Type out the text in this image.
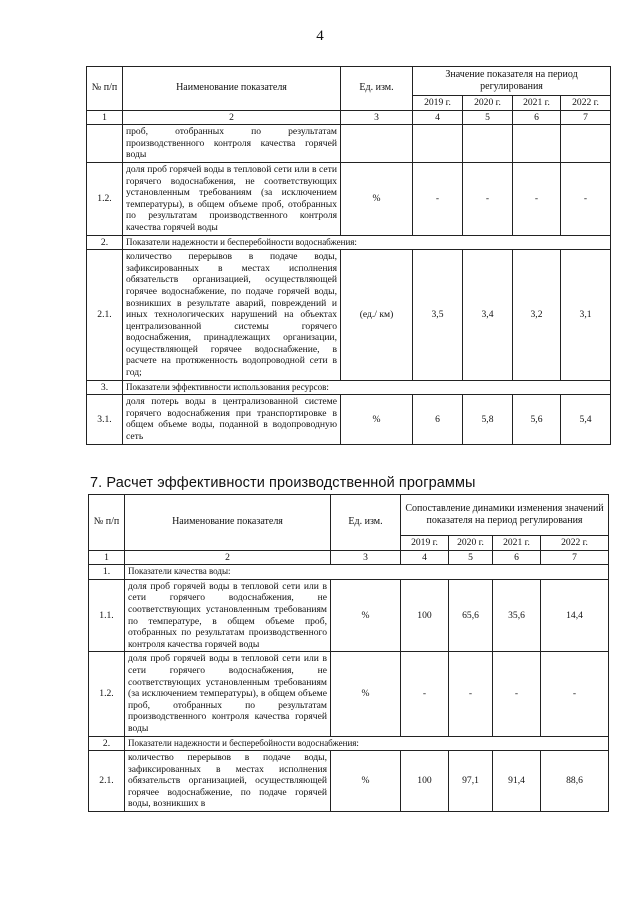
4
№ п/п	Наименование показателя	Ед. изм.	Значение показателя на период регулирования			
			2019 г.	2020 г.	2021 г.	2022 г.
1	2	3	4	5	6	7
	проб, отобранных по результатам производственного контроля качества горячей воды					
1.2.	доля проб горячей воды в тепловой сети или в сети горячего водоснабжения, не соответствующих установленным требованиям (за исключением температуры), в общем объеме проб, отобранных по результатам производственного контроля качества горячей воды	%	-	-	-	-
2.	Показатели надежности и бесперебойности водоснабжения:					
2.1.	количество перерывов в подаче воды, зафиксированных в местах исполнения обязательств организацией, осуществляющей горячее водоснабжение, по подаче горячей воды, возникших в результате аварий, повреждений и иных технологических нарушений на объектах централизованной системы горячего водоснабжения, принадлежащих организации, осуществляющей горячее водоснабжение, в расчете на протяженность водопроводной сети в год;	(ед./ км)	3,5	3,4	3,2	3,1
3.	Показатели эффективности использования ресурсов:					
3.1.	доля потерь воды в централизованной системе горячего водоснабжения при транспортировке в общем объеме воды, поданной в водопроводную сеть	%	6	5,8	5,6	5,4
7. Расчет эффективности производственной программы
№ п/п	Наименование показателя	Ед. изм.	Сопоставление динамики изменения значений показателя на период регулирования			
			2019 г.	2020 г.	2021 г.	2022 г.
1	2	3	4	5	6	7
1.	Показатели качества воды:					
1.1.	доля проб горячей воды в тепловой сети или в сети горячего водоснабжения, не соответствующих установленным требованиям по температуре, в общем объеме проб, отобранных по результатам производственного контроля качества горячей воды	%	100	65,6	35,6	14,4
1.2.	доля проб горячей воды в тепловой сети или в сети горячего водоснабжения, не соответствующих установленным требованиям (за исключением температуры), в общем объеме проб, отобранных по результатам производственного контроля качества горячей воды	%	-	-	-	-
2.	Показатели надежности и бесперебойности водоснабжения:					
2.1.	количество перерывов в подаче воды, зафиксированных в местах исполнения обязательств организацией, осуществляющей горячее водоснабжение, по подаче горячей воды, возникших в	%	100	97,1	91,4	88,6
